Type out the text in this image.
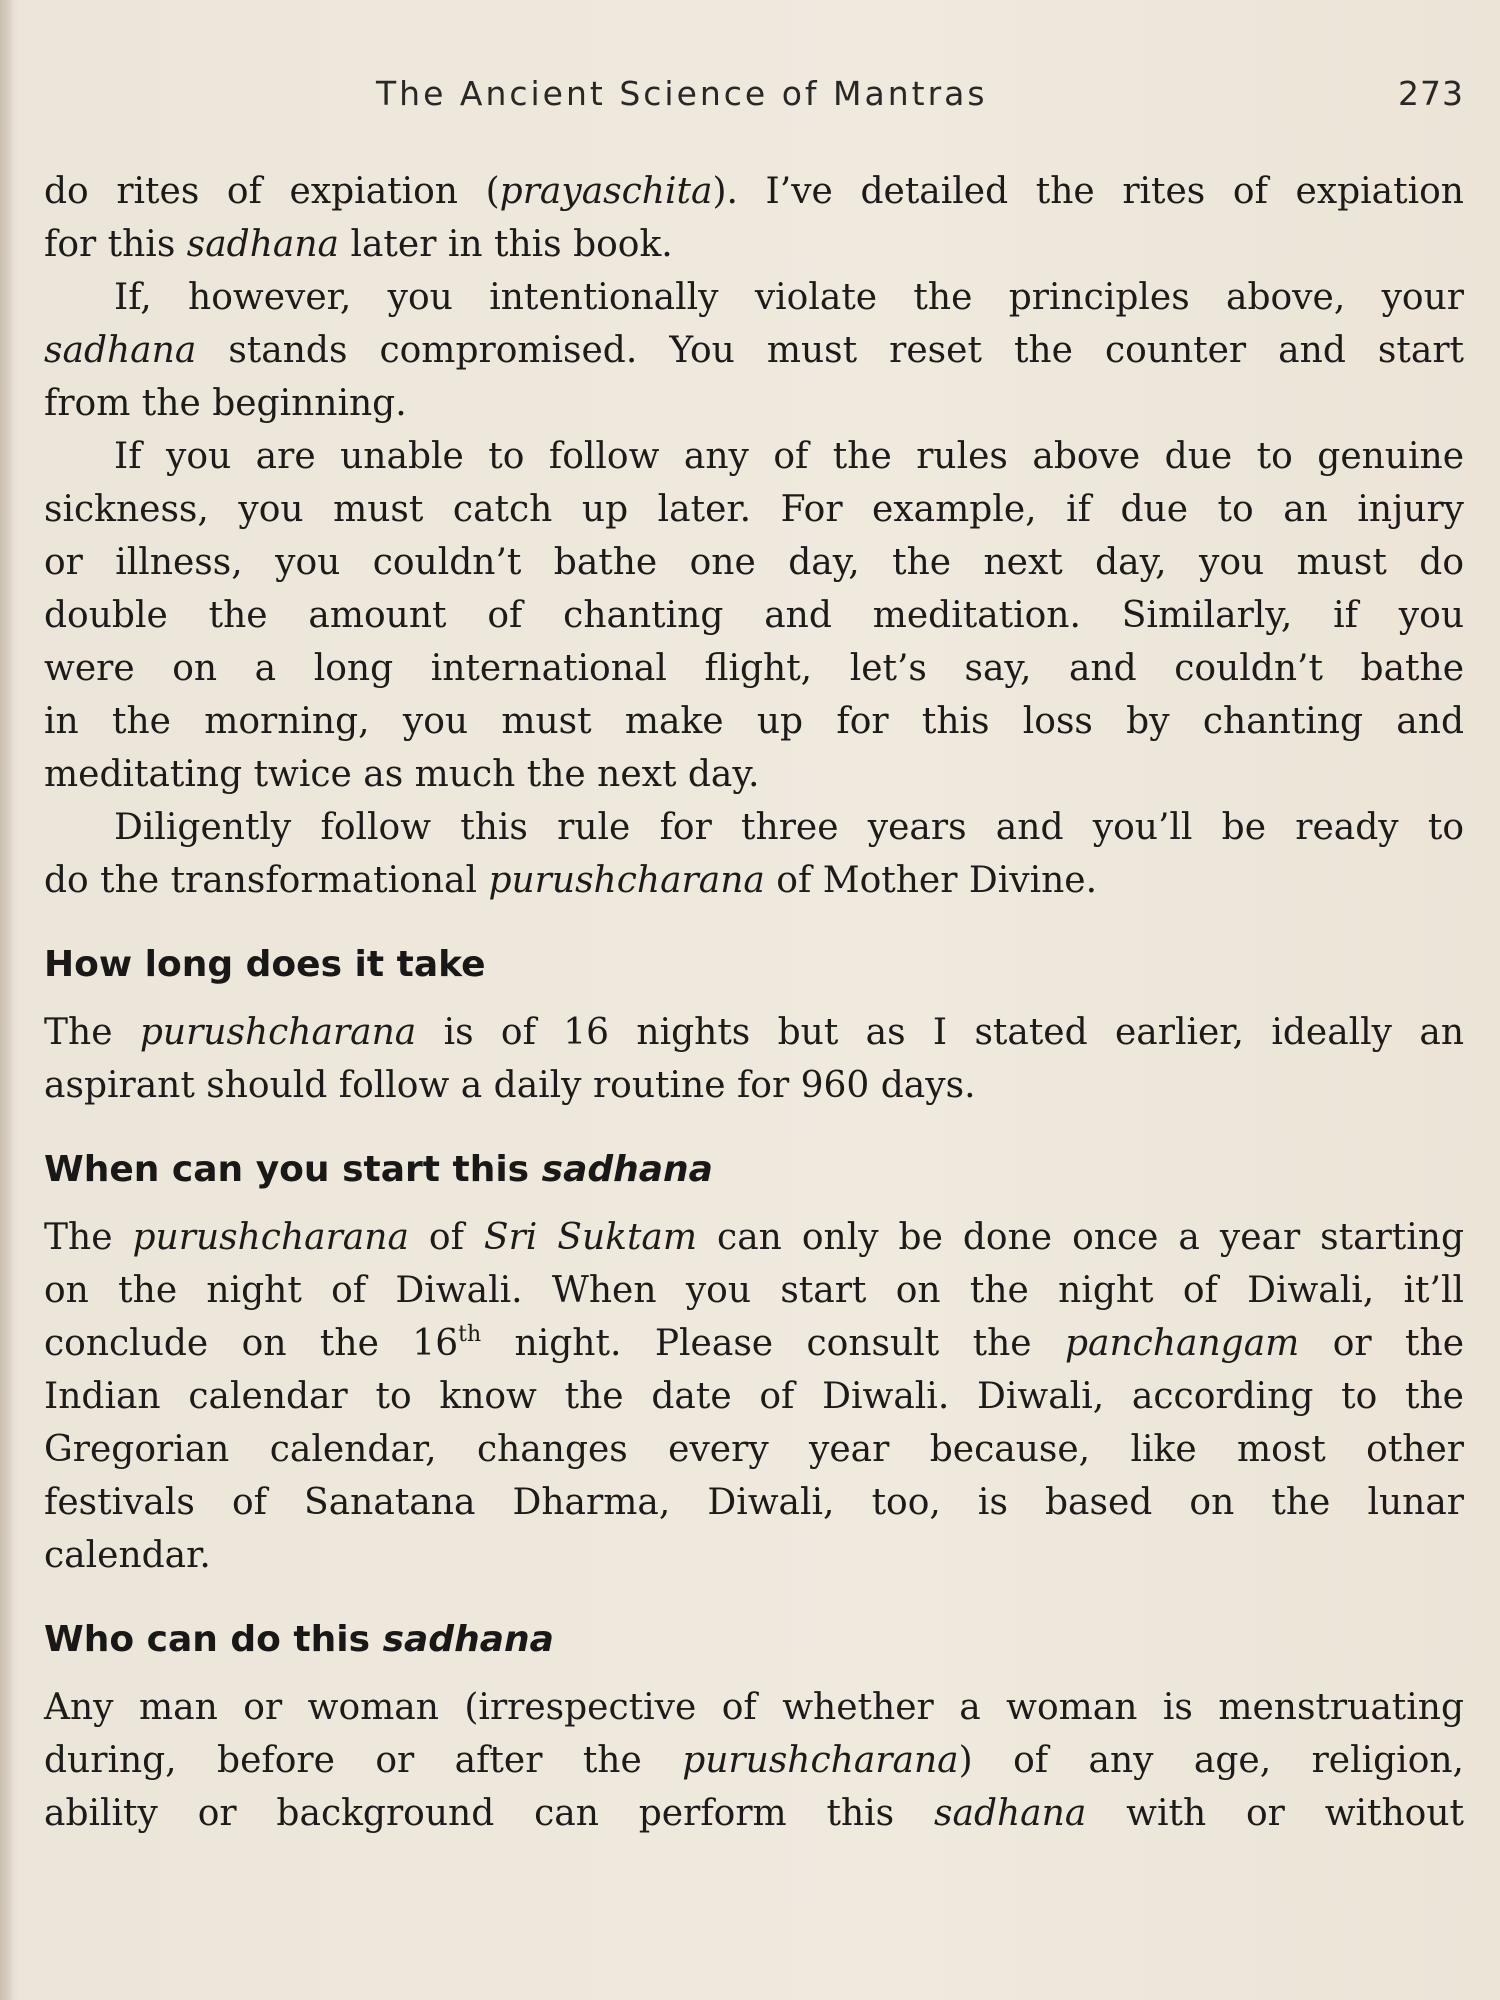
The Ancient Science of Mantras	273
do rites of expiation (prayaschita). I’ve detailed the rites of expiation
for this sadhana later in this book.
If, however, you intentionally violate the principles above, your
sadhana stands compromised. You must reset the counter and start
from the beginning.
If you are unable to follow any of the rules above due to genuine
sickness, you must catch up later. For example, if due to an injury
or illness, you couldn’t bathe one day, the next day, you must do
double the amount of chanting and meditation. Similarly, if you
were on a long international flight, let’s say, and couldn’t bathe
in the morning, you must make up for this loss by chanting and
meditating twice as much the next day.
Diligently follow this rule for three years and you’ll be ready to
do the transformational purushcharana of Mother Divine.
How long does it take
The purushcharana is of 16 nights but as I stated earlier, ideally an
aspirant should follow a daily routine for 960 days.
When can you start this sadhana
The purushcharana of Sri Suktam can only be done once a year starting
on the night of Diwali. When you start on the night of Diwali, it’ll
conclude on the 16th night. Please consult the panchangam or the
Indian calendar to know the date of Diwali. Diwali, according to the
Gregorian calendar, changes every year because, like most other
festivals of Sanatana Dharma, Diwali, too, is based on the lunar
calendar.
Who can do this sadhana
Any man or woman (irrespective of whether a woman is menstruating
during, before or after the purushcharana) of any age, religion,
ability or background can perform this sadhana with or without
